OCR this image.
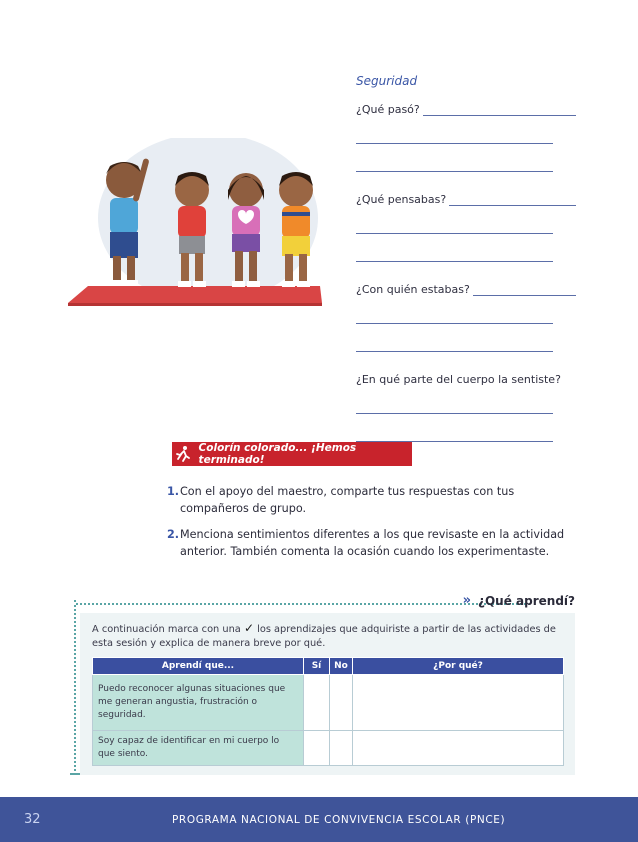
Seguridad
¿Qué pasó?
¿Qué pensabas?
¿Con quién estabas?
¿En qué parte del cuerpo la sentiste?
Colorín colorado... ¡Hemos terminado!
1. Con el apoyo del maestro, comparte tus respuestas con tus compañeros de grupo.
2. Menciona sentimientos diferentes a los que revisaste en la actividad anterior. También comenta la ocasión cuando los experimentaste.
» ¿Qué aprendí?
A continuación marca con una ✓ los aprendizajes que adquiriste a partir de las actividades de esta sesión y explica de manera breve por qué.
Aprendí que...	Sí	No	¿Por qué?
Puedo reconocer algunas situaciones que me generan angustia, frustración o seguridad.			
Soy capaz de identificar en mi cuerpo lo que siento.			
32	PROGRAMA NACIONAL DE CONVIVENCIA ESCOLAR (PNCE)
